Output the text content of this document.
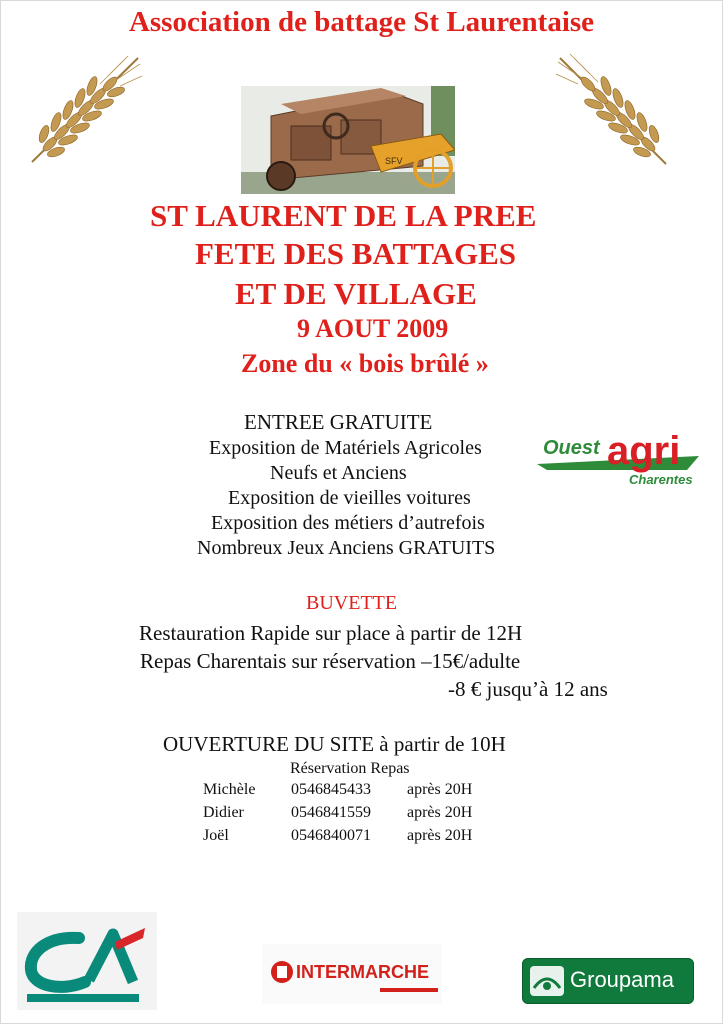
Association de battage St Laurentaise
SFV
ST LAURENT DE LA PREE
FETE DES BATTAGES
ET DE VILLAGE
9 AOUT 2009
Zone du « bois brûlé »
ENTREE GRATUITE
Exposition de Matériels Agricoles
Neufs et Anciens
Exposition de vieilles voitures
Exposition des métiers d’autrefois
Nombreux Jeux Anciens GRATUITS
Ouest agri
Charentes
BUVETTE
Restauration Rapide sur place à partir de 12H
Repas Charentais sur réservation –15€/adulte
-8 € jusqu’à 12 ans
OUVERTURE DU SITE à partir de 10H
Réservation Repas
Michèle 0546845433 après 20H
Didier	0546841559 après 20H
Joël	0546840071 après 20H
INTERMARCHE	Groupama
